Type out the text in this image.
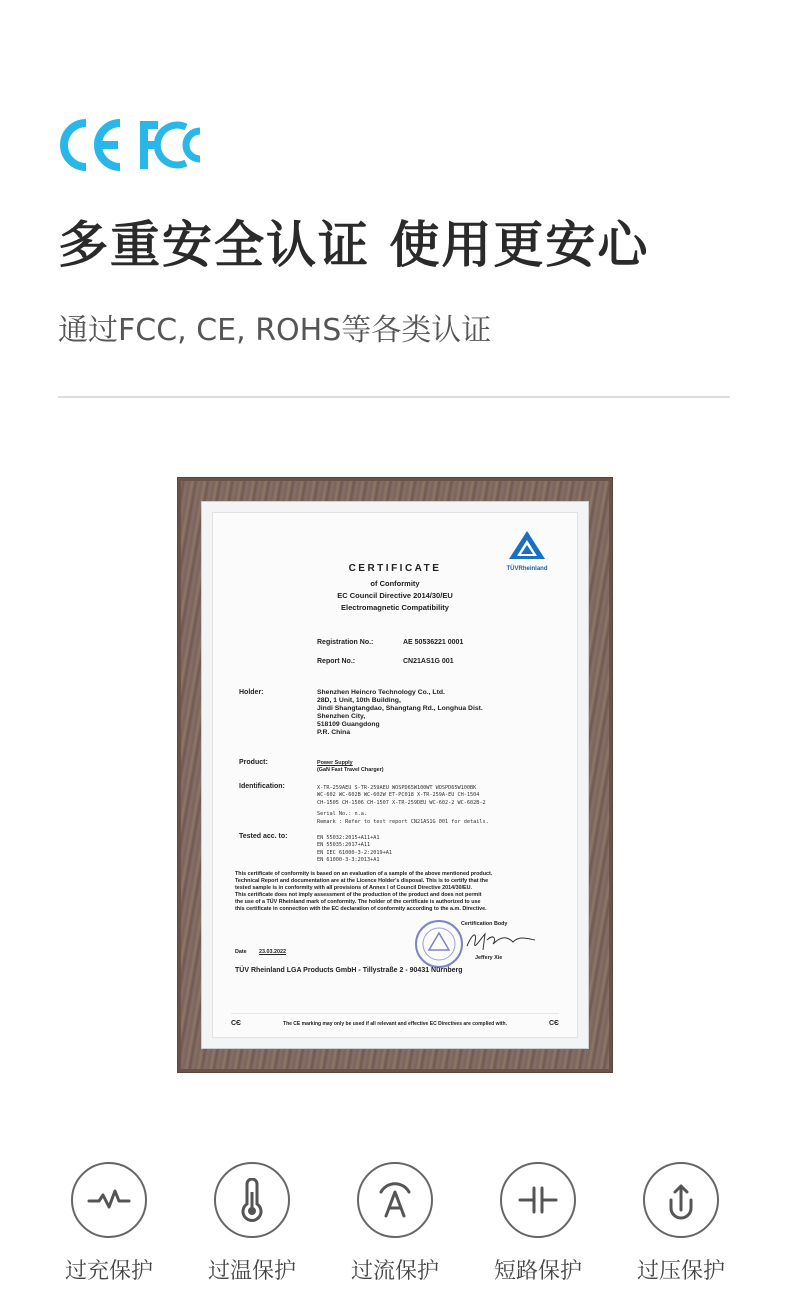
多重安全认证 使用更安心
通过FCC, CE, ROHS等各类认证
TÜVRheinland
CERTIFICATE
of Conformity
EC Council Directive 2014/30/EU
Electromagnetic Compatibility
Registration No.:	AE 50536221 0001
Report No.:	CN21AS1G 001
Holder:	Shenzhen Heincro Technology Co., Ltd.
28D, 1 Unit, 10th Building,
Jindi Shangtangdao, Shangtang Rd., Longhua Dist.
Shenzhen City,
518109 Guangdong
P.R. China
Product:	Power Supply
(GaN Fast Travel Charger)
Identification:	X-TR-259AEU S-TR-259AEU WOSPD65W100WT WOSPD65W100BK
WC-602 WC-602B WC-602W ET-PC018 X-TR-259A-EU CH-1504
CH-1505 CH-1506 CH-1507 X-TR-259DEU WC-602-2 WC-602B-2
Serial No.: n.a.
Remark : Refer to test report CN21AS1G 001 for details.
Tested acc. to:	EN 55032:2015+A11+A1
EN 55035:2017+A11
EN IEC 61000-3-2:2019+A1
EN 61000-3-3:2013+A1
This certificate of conformity is based on an evaluation of a sample of the above mentioned product.
Technical Report and documentation are at the Licence Holder's disposal. This is to certify that the
tested sample is in conformity with all provisions of Annex I of Council Directive 2014/30/EU.
This certificate does not imply assessment of the production of the product and does not permit
the use of a TÜV Rheinland mark of conformity. The holder of the certificate is authorized to use
this certificate in connection with the EC declaration of conformity according to the a.m. Directive.
Certification Body
Jeffery Xie
Date 23.03.2022
TÜV Rheinland LGA Products GmbH - Tillystraße 2 - 90431 Nürnberg
CЄ	The CE marking may only be used if all relevant and effective EC Directives are complied with.	CЄ
过充保护	过温保护	过流保护	短路保护	过压保护
